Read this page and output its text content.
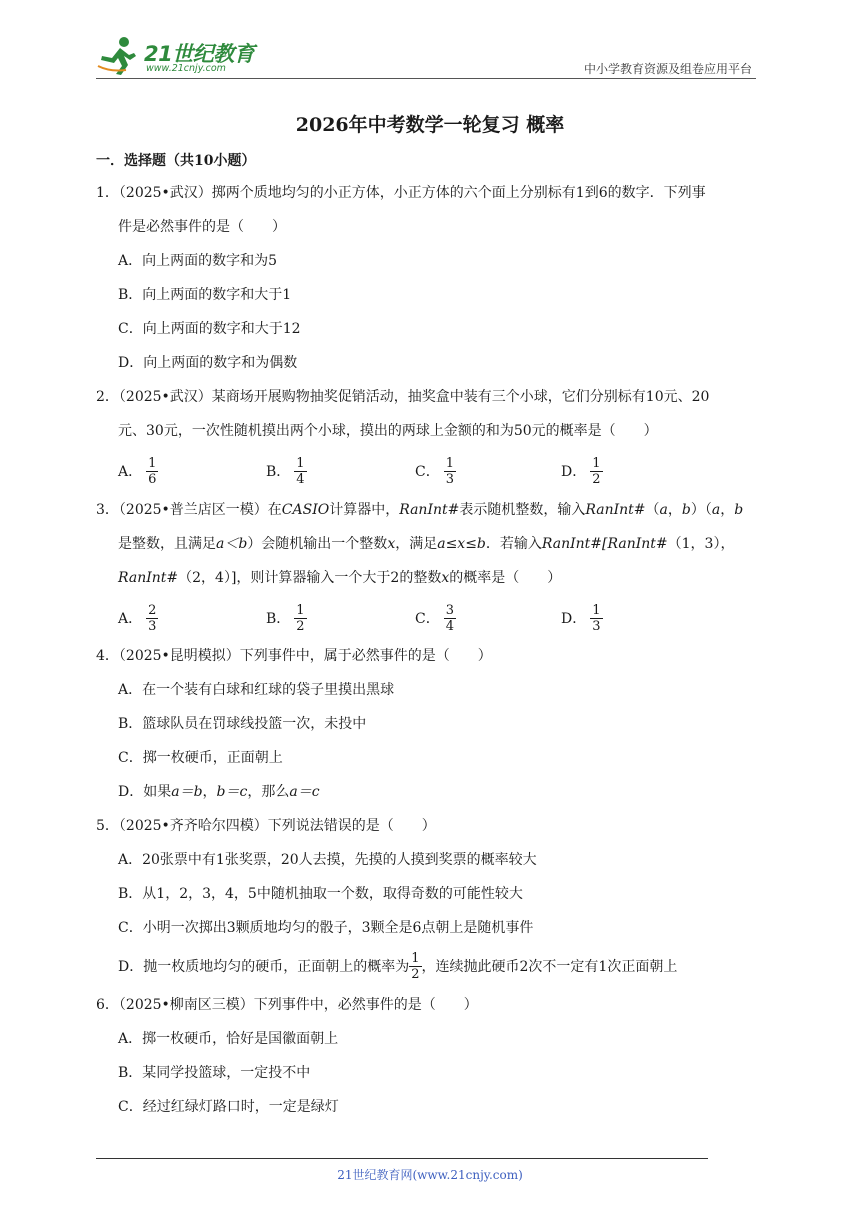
21世纪教育
www.21cnjy.com	中小学教育资源及组卷应用平台
2026年中考数学一轮复习 概率
一．选择题（共10小题）
1．（2025•武汉）掷两个质地均匀的小正方体，小正方体的六个面上分别标有1到6的数字．下列事
件是必然事件的是（　　）
A．向上两面的数字和为5
B．向上两面的数字和大于1
C．向上两面的数字和大于12
D．向上两面的数字和为偶数
2．（2025•武汉）某商场开展购物抽奖促销活动，抽奖盒中装有三个小球，它们分别标有10元、20
元、30元，一次性随机摸出两个小球，摸出的两球上金额的和为50元的概率是（　　）
A． $\frac{1}{6}$	B． $\frac{1}{4}$	C． $\frac{1}{3}$	D． $\frac{1}{2}$
3．（2025•普兰店区一模）在CASIO计算器中，RanInt#表示随机整数，输入RanInt#（a，b）（a，b
是整数，且满足a＜b）会随机输出一个整数x，满足a≤x≤b．若输入RanInt#[RanInt#（1，3），
RanInt#（2，4）]，则计算器输入一个大于2的整数x的概率是（　　）
A． $\frac{2}{3}$	B． $\frac{1}{2}$	C． $\frac{3}{4}$	D． $\frac{1}{3}$
4．（2025•昆明模拟）下列事件中，属于必然事件的是（　　）
A．在一个装有白球和红球的袋子里摸出黑球
B．篮球队员在罚球线投篮一次，未投中
C．掷一枚硬币，正面朝上
D．如果a＝b，b＝c，那么a＝c
5．（2025•齐齐哈尔四模）下列说法错误的是（　　）
A．20张票中有1张奖票，20人去摸，先摸的人摸到奖票的概率较大
B．从1，2，3，4，5中随机抽取一个数，取得奇数的可能性较大
C．小明一次掷出3颗质地均匀的骰子，3颗全是6点朝上是随机事件
D．抛一枚质地均匀的硬币，正面朝上的概率为 $\frac{1}{2}$ ，连续抛此硬币2次不一定有1次正面朝上
6．（2025•柳南区三模）下列事件中，必然事件的是（　　）
A．掷一枚硬币，恰好是国徽面朝上
B．某同学投篮球，一定投不中
C．经过红绿灯路口时，一定是绿灯
21世纪教育网(www.21cnjy.com)
